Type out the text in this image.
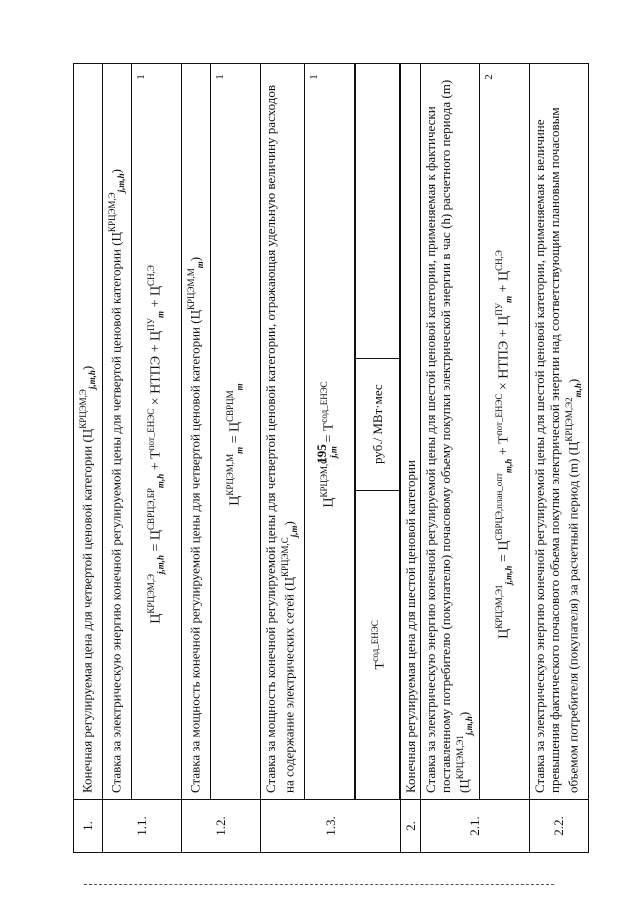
195
1.	Конечная регулируемая цена для четвертой ценовой категории $(Ц^{КРЦЭМ,Э}_{j,m,h})$
1.1.	Ставка за электрическую энергию конечной регулируемой цены для четвертой ценовой категории $(Ц^{КРЦЭМ,Э}_{j,m,h})$

$Ц^{КРЦЭМ,Э}_{j,m,h} = Ц^{СВРЦЭ,БР}_{m,h} + Т^{пот\_ЕНЭС}$ × НТПЭ + $Ц^{ПУ}_m + Ц^{СН,Э}$
1

1.2.	Ставка за мощность конечной регулируемой цены для четвертой ценовой категории $(Ц^{КРЦЭМ,М}_m)$

$Ц^{КРЦЭМ,М}_m = Ц^{СВРЦМ}_m$
1

1.3.	Ставка за мощность конечной регулируемой цены для четвертой ценовой категории, отражающая удельную величину расходов на содержание электрических сетей $(Ц^{КРЦЭМ,С}_{j,m})$

$Ц^{КРЦЭМ,С}_{j,m} = Т^{сод\_ЕНЭС}$
1

$Т^{сод\_ЕНЭС}$	руб./ МВт·мес	

2.	Конечная регулируемая цена для шестой ценовой категории
2.1.	Ставка за электрическую энергию конечной регулируемой цены для шестой ценовой категории, применяемая к фактически поставленному потребителю (покупателю) почасовому объему покупки электрической энергии в час (h) расчетного периода (m) $(Ц^{КРЦЭМ,Э1}_{j,m,h})$

$Ц^{КРЦЭМ,Э1}_{j,m,h} = Ц^{СВРЦЭ,план\_опт}_{m,h} + Т^{пот\_ЕНЭС}$ × НТПЭ + $Ц^{ПУ}_m + Ц^{СН,Э}$
2

2.2.	Ставка за электрическую энергию конечной регулируемой цены для шестой ценовой категории, применяемая к величине превышения фактического почасового объема покупки электрической энергии над соответствующим плановым почасовым объемом потребителя (покупателя) за расчетный период (m) $(Ц^{КРЦЭМ,Э2}_{m,h})$
